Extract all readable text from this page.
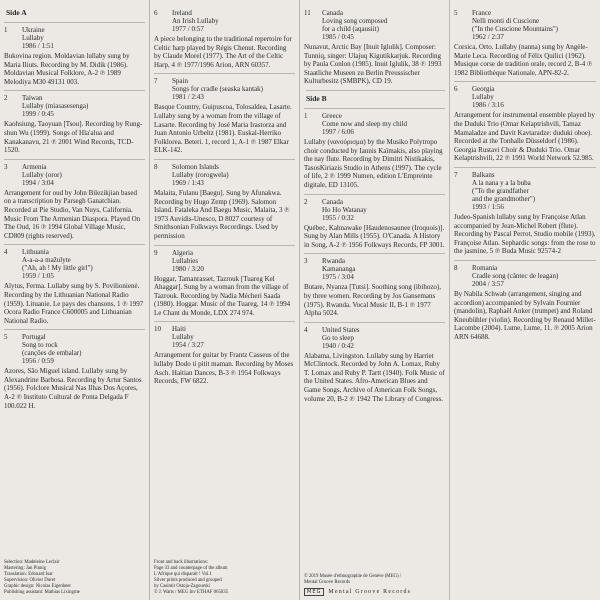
Side A
1 Ukraine
Lullaby
1986 / 1:51
Bukovina region. Moldavian lullaby sung by Maria Iliuts. Recording by M. Didik (1986). Moldavian Musical Folklore, A-2 ℗ 1989 Melodiya M30 49131 003.
2 Taiwan
Lullaby (miasasesenga)
1999 / 0:45
Kaohsiung, Taoyuan [Tsou]. Recording by Rung-shun Wu (1999). Songs of Hla'alua and Kanakanavu, 21 ℗ 2001 Wind Records, TCD-1520.
3 Armenia
Lullaby (oror)
1994 / 3:04
Arrangement for oud by John Bilezikjian based on a transcription by Parsegh Ganatchian. Recorded at Pie Studio, Van Nuys, California. Music From The Armenian Diaspora. Played On The Oud, 16 ℗ 1994 Global Village Music, CD809 (rights reserved).
4 Lithuania
A-a-a-a mažulyte
("Ah, ah ! My little girl")
1959 / 1:05
Alytus, Ferma. Lullaby sung by S. Povilionienė. Recording by the Lithuanian National Radio (1959). Lituanie. Le pays des chansons, 1 ℗ 1997 Ocora Radio France C600005 and Lithuanian National Radio.
5 Portugal
Song to rock
(canções de embalar)
1956 / 0:59
Azores, São Miguel island. Lullaby sung by Alexandrine Barbosa. Recording by Artur Santos (1956). Folclore Musical Nas Ilhas Dos Açores, A-2 ℗ Instituto Cultural de Ponta Delgada F 100.022 H.
Selection: Madeleine Leclair
Mastering: Jan Pinnig
Translation: Edouard Isar
Supervision: Olivier Duret
Graphic design: Nicolas Eigenheer
Publishing assistant: Mathias Lixingme
6 Ireland
An Irish Lullaby
1977 / 0:57
A piece belonging to the traditional repertoire for Celtic harp played by Régis Chenut. Recording by Claude Morel (1977). The Art of the Celtic Harp, 4 ℗ 1977/1996 Arion, ARN 60357.
7 Spain
Songs for cradle (seaska kantak)
1981 / 2:43
Basque Country, Guipuscoa, Tolosaldea, Lasarte. Lullaby sung by a woman from the village of Lasarte. Recording by José Maria Irastorza and Juan Antonio Urbeltz (1981). Euskal-Herriko Folklorea. Beteri. 1, record 1, A-1 ℗ 1987 Elkar ELK-142.
8 Solomon Islands
Lullaby (rorogwela)
1969 / 1:43
Malaita, Fulanu [Baegu]. Sung by Afunakwa. Recording by Hugo Zemp (1969). Salomon Island. Fataleka And Baegu Music, Malaita, 3 ℗ 1973 Auvidis-Unesco, D 8027 courtesy of Smithsonian Folkways Recordings. Used by permission
9 Algeria
Lullabies
1980 / 3:20
Hoggar, Tamanrasset, Tazrouk [Tuareg Kel Ahaggar]. Sung by a woman from the village of Tazrouk. Recording by Nadia Mécheri Saada (1980). Hoggar. Music of the Tuareg, 14 ℗ 1994 Le Chant du Monde, LDX 274 974.
10 Haiti
Lullaby
1954 / 3:27
Arrangement for guitar by Frantz Casseus of the lullaby Dodo ti pitit maman. Recording by Moses Asch. Haitian Dances, B-3 ℗ 1954 Folkways Records, FW 6822.
Front and back illustrations:
Page 33 and counterpage of the album
L'Afrique qui disparaît ! Vol.1
Silver prints produced and grouped
by Casimir Ostoja-Zagourski
© J. Watts / MEG Inv ETHAF 065835
11 Canada
Loving song composed
for a child (aqausiit)
1985 / 0:45
Nunavut, Arctic Bay [Inuit Iglulik]. Composer: Tunniq, singer: Ulajuq Kigutikkarjuk. Recording by Paula Conlon (1985). Inuit Iglulik, 38 ℗ 1993 Staatliche Museen zu Berlin Preussischer Kulturbesitz (SMBPK), CD 19.
Side B
1 Greece
Come now and sleep my child
1997 / 6:06
Lullaby (νανούρισμα) by the Musiko Polytropo choir conducted by Iannis Kaïmakis, also playing the nay flute. Recording by Dimitri Nistikakis, TasosKiriazis Studio in Athens (1997). The cycle of life, 2 ℗ 1999 Numen, edition L'Empreinte digitale, ED 13105.
2 Canada
Ho Ho Watanay
1955 / 0:32
Québec, Kahnawake [Haudenosaunee (Iroquois)]. Sung by Alan Mills (1955). O'Canada. A History in Song, A-2 ℗ 1956 Folkways Records, FP 3001.
3 Rwanda
Kamananga
1975 / 3:04
Butare, Nyanza [Tutsi]. Soothing song (ibihozo), by three women. Recording by Jos Gansemans (1975). Rwanda. Vocal Music II, B-1 ℗ 1977 Alpha 5024.
4 United States
Go to sleep
1940 / 0:42
Alabama, Livingston. Lullaby sung by Harriet McClintock. Recorded by John A. Lomax, Ruby T. Lomax and Ruby P. Tartt (1940). Folk Music of the United States. Afro-American Blues and Game Songs, Archive of American Folk Songs, volume 20, B-2 ℗ 1942 The Library of Congress.
© 2019 Musée d'ethnographie de Genève (MEG) /
Mental Groove Records
MEG	Mental Groove Records
5 France
Nelli monti di Cuscione
("In the Cuscione Mountains")
1962 / 2:37
Corsica, Orto. Lullaby (nanna) sung by Angèle-Marie Leca. Recording of Félix Quilici (1962). Musique corse de tradition orale, record 2, B-4 ℗ 1982 Bibliothèque Nationale, APN-82-2.
6 Georgia
Lullaby
1986 / 3:16
Arrangement for instrumental ensemble played by the Duduki Trio (Omar Kelaptrishvili, Tamaz Mamaladze and Davit Kavtaradze: duduki oboe). Recorded at the Tonhalle Düsseldorf (1986). Georgia Rustavi Choir & Duduki Trio. Omar Kelaptrishvili, 22 ℗ 1991 World Network 52.985.
7 Balkans
A la nana y a la buba
("To the grandfather
and the grandmother")
1993 / 1:56
Judeo-Spanish lullaby sung by Françoise Atlan accompanied by Jean-Michel Robert (flute). Recording by Pascal Perrot, Studio mobile (1993). Françoise Atlan. Sephardic songs: from the rose to the jasmine, 5 ℗ Buda Music 92574-2
8 Romania
Cradle song (cântec de leagan)
2004 / 3:57
By Nabila Schwab (arrangement, singing and accordion) accompanied by Sylvain Fournier (mandolin), Raphaël Anker (trumpet) and Roland Kneubühler (violin). Recording by Renaud Millet-Lacombe (2004). Lume, Lume, 11. ℗ 2005 Arion ARN 64688.
